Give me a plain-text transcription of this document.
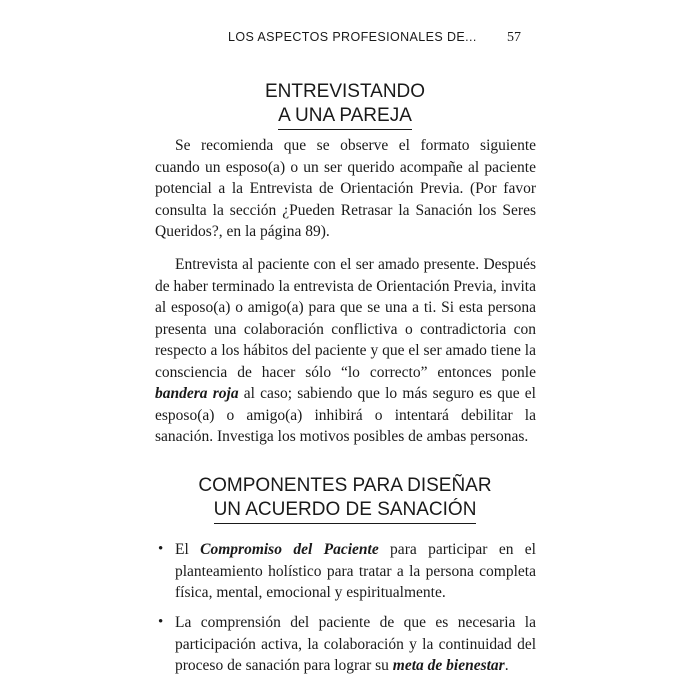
LOS ASPECTOS PROFESIONALES DE... 57
ENTREVISTANDO
A UNA PAREJA

Se recomienda que se observe el formato siguiente cuando un esposo(a) o un ser querido acompañe al paciente potencial a la Entrevista de Orientación Previa. (Por favor consulta la sección ¿Pueden Retrasar la Sanación los Seres Queridos?, en la página 89).

Entrevista al paciente con el ser amado presente. Después de haber terminado la entrevista de Orientación Previa, invita al esposo(a) o amigo(a) para que se una a ti. Si esta persona presenta una colaboración conflictiva o contradictoria con respecto a los hábitos del paciente y que el ser amado tiene la consciencia de hacer sólo “lo correcto” entonces ponle bandera roja al caso; sabiendo que lo más seguro es que el esposo(a) o amigo(a) inhibirá o intentará debilitar la sanación. Investiga los motivos posibles de ambas personas.

COMPONENTES PARA DISEÑAR
UN ACUERDO DE SANACIÓN
• El Compromiso del Paciente para participar en el planteamiento holístico para tratar a la persona completa física, mental, emocional y espiritualmente.
• La comprensión del paciente de que es necesaria la participación activa, la colaboración y la continuidad del proceso de sanación para lograr su meta de bienestar.
